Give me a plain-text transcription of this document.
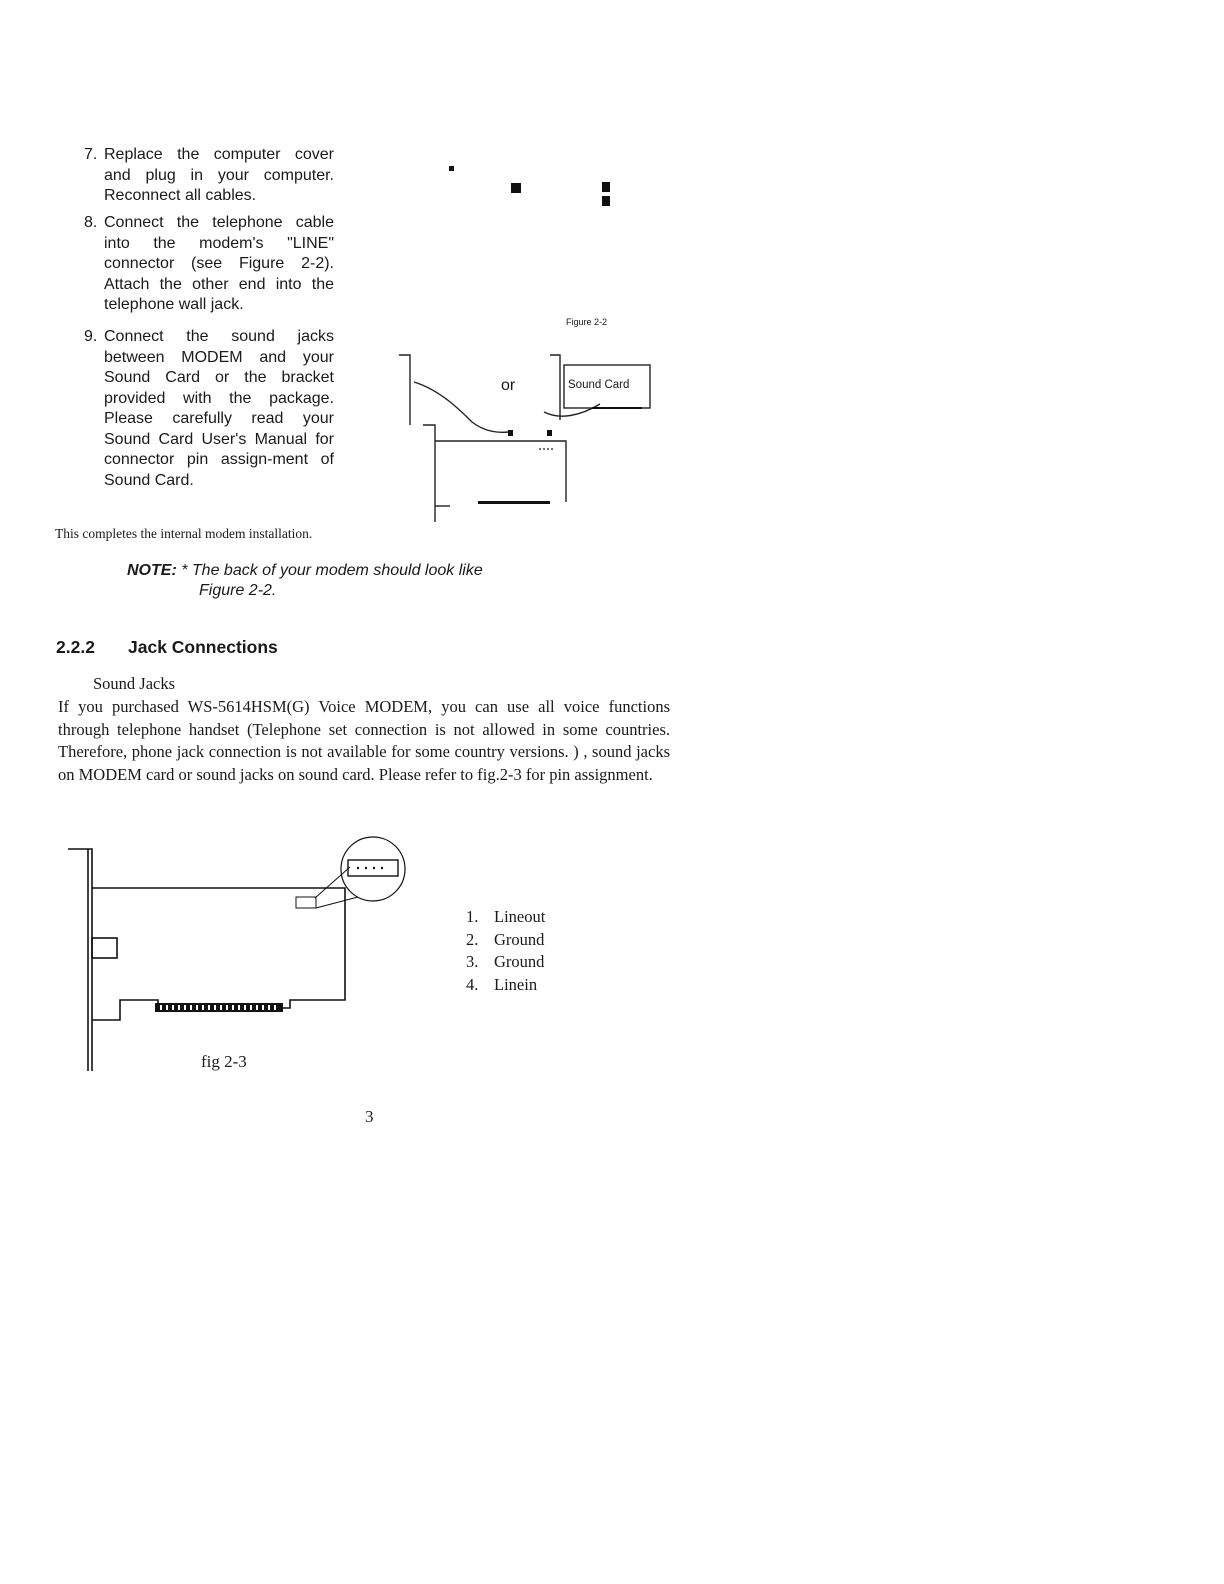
7. Replace the computer cover and plug in your computer. Reconnect all cables.
8. Connect the telephone cable into the modem's "LINE" connector (see Figure 2-2). Attach the other end into the telephone wall jack.
9. Connect the sound jacks between MODEM and your Sound Card or the bracket provided with the package. Please carefully read your Sound Card User's Manual for connector pin assign-ment of Sound Card.
Figure 2-2
or	Sound Card
This completes the internal modem installation.
NOTE: * The back of your modem should look like
Figure 2-2.
2.2.2 Jack Connections
Sound Jacks
If you purchased WS-5614HSM(G) Voice MODEM, you can use all voice functions through telephone handset (Telephone set connection is not allowed in some countries. Therefore, phone jack connection is not available for some country versions. ) , sound jacks on MODEM card or sound jacks on sound card. Please refer to fig.2-3 for pin assignment.
fig 2-3
1. Lineout
2. Ground
3. Ground
4. Linein
3
